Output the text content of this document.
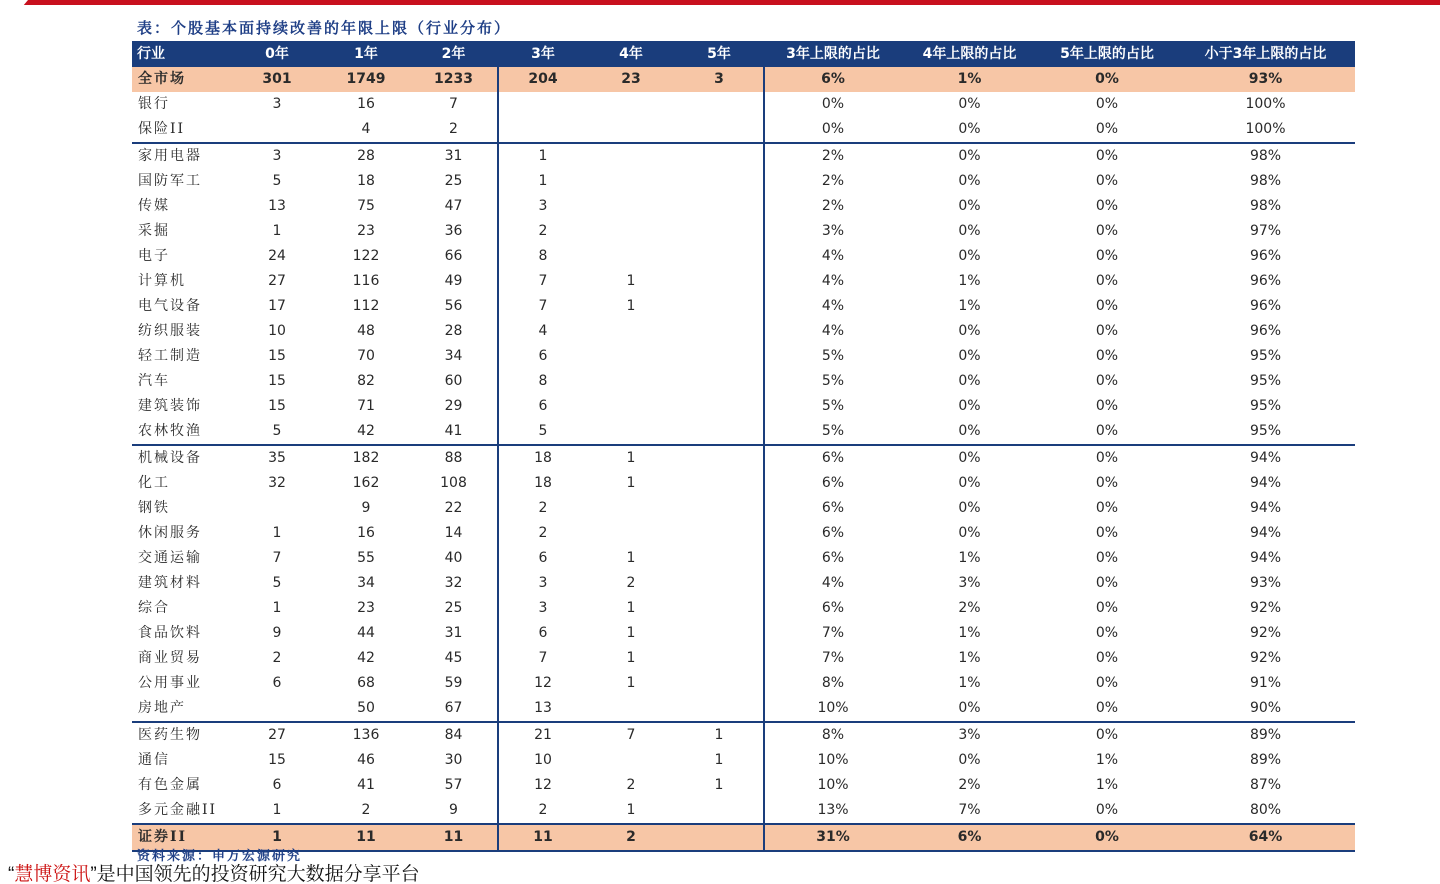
表：个股基本面持续改善的年限上限（行业分布）
行业	0年	1年	2年	3年	4年	5年	3年上限的占比	4年上限的占比	5年上限的占比	小于3年上限的占比
全市场	301	1749	1233	204	23	3	6%	1%	0%	93%
银行	3	16	7				0%	0%	0%	100%
保险II		4	2				0%	0%	0%	100%
家用电器	3	28	31	1			2%	0%	0%	98%
国防军工	5	18	25	1			2%	0%	0%	98%
传媒	13	75	47	3			2%	0%	0%	98%
采掘	1	23	36	2			3%	0%	0%	97%
电子	24	122	66	8			4%	0%	0%	96%
计算机	27	116	49	7	1		4%	1%	0%	96%
电气设备	17	112	56	7	1		4%	1%	0%	96%
纺织服装	10	48	28	4			4%	0%	0%	96%
轻工制造	15	70	34	6			5%	0%	0%	95%
汽车	15	82	60	8			5%	0%	0%	95%
建筑装饰	15	71	29	6			5%	0%	0%	95%
农林牧渔	5	42	41	5			5%	0%	0%	95%
机械设备	35	182	88	18	1		6%	0%	0%	94%
化工	32	162	108	18	1		6%	0%	0%	94%
钢铁		9	22	2			6%	0%	0%	94%
休闲服务	1	16	14	2			6%	0%	0%	94%
交通运输	7	55	40	6	1		6%	1%	0%	94%
建筑材料	5	34	32	3	2		4%	3%	0%	93%
综合	1	23	25	3	1		6%	2%	0%	92%
食品饮料	9	44	31	6	1		7%	1%	0%	92%
商业贸易	2	42	45	7	1		7%	1%	0%	92%
公用事业	6	68	59	12	1		8%	1%	0%	91%
房地产		50	67	13			10%	0%	0%	90%
医药生物	27	136	84	21	7	1	8%	3%	0%	89%
通信	15	46	30	10		1	10%	0%	1%	89%
有色金属	6	41	57	12	2	1	10%	2%	1%	87%
多元金融II	1	2	9	2	1		13%	7%	0%	80%
证券II	1	11	11	11	2		31%	6%	0%	64%
资料来源：申万宏源研究
“慧博资讯”是中国领先的投资研究大数据分享平台
